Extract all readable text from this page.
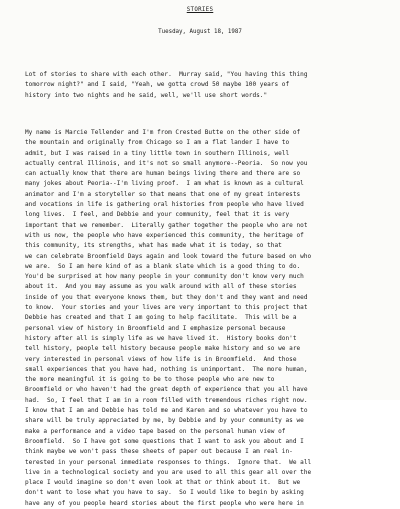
STORIES
Tuesday, August 18, 1987
Lot of stories to share with each other.  Murray said, "You having this thing
tomorrow night?" and I said, "Yeah, we gotta crowd 50 maybe 100 years of
history into two nights and he said, well, we'll use short words."
My name is Marcie Tellender and I'm from Crested Butte on the other side of
the mountain and originally from Chicago so I am a flat lander I have to
admit, but I was raised in a tiny little town in southern Illinois, well
actually central Illinois, and it's not so small anymore--Peoria.  So now you
can actually know that there are human beings living there and there are so
many jokes about Peoria--I'm living proof.  I am what is known as a cultural
animator and I'm a storyteller so that means that one of my great interests
and vocations in life is gathering oral histories from people who have lived
long lives.  I feel, and Debbie and your community, feel that it is very
important that we remember.  Literally gather together the people who are not
with us now, the people who have experienced this community, the heritage of
this community, its strengths, what has made what it is today, so that
we can celebrate Broomfield Days again and look toward the future based on who
we are.  So I am here kind of as a blank slate which is a good thing to do.
You'd be surprised at how many people in your community don't know very much
about it.  And you may assume as you walk around with all of these stories
inside of you that everyone knows them, but they don't and they want and need
to know.  Your stories and your lives are very important to this project that
Debbie has created and that I am going to help facilitate.  This will be a
personal view of history in Broomfield and I emphasize personal because
history after all is simply life as we have lived it.  History books don't
tell history, people tell history because people make history and so we are
very interested in personal views of how life is in Broomfield.  And those
small experiences that you have had, nothing is unimportant.  The more human,
the more meaningful it is going to be to those people who are new to
Broomfield or who haven't had the great depth of experience that you all have
had.  So, I feel that I am in a room filled with tremendous riches right now.
I know that I am and Debbie has told me and Karen and so whatever you have to
share will be truly appreciated by me, by Debbie and by your community as we
make a performance and a video tape based on the personal human view of
Broomfield.  So I have got some questions that I want to ask you about and I
think maybe we won't pass these sheets of paper out because I am real in-
terested in your personal immediate responses to things.  Ignore that.  We all
live in a technological society and you are used to all this gear all over the
place I would imagine so don't even look at that or think about it.  But we
don't want to lose what you have to say.  So I would like to begin by asking
have any of you people heard stories about the first people who were here in
